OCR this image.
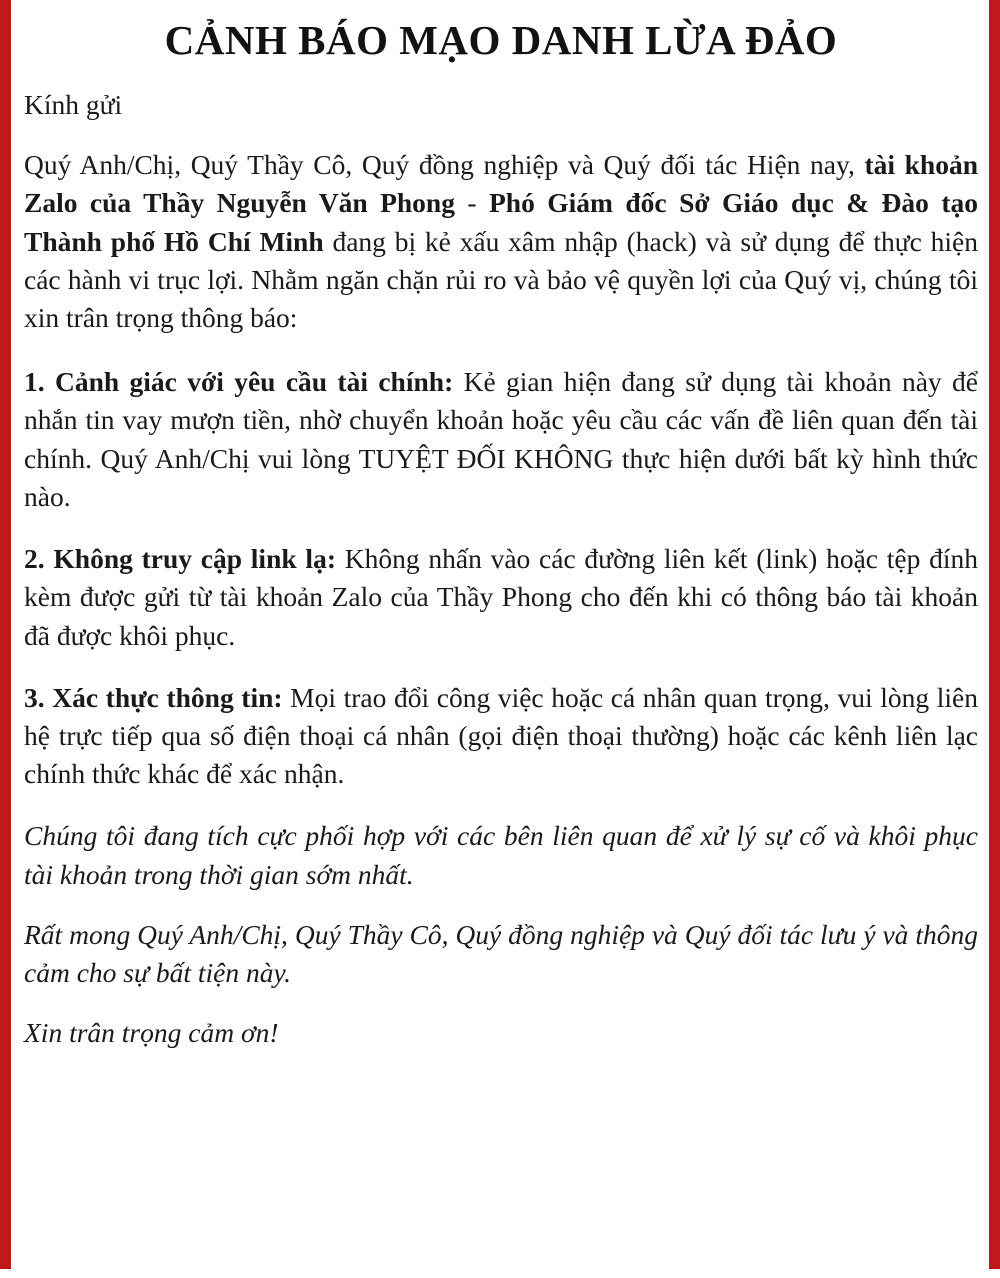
CẢNH BÁO MẠO DANH LỪA ĐẢO

Kính gửi

Quý Anh/Chị, Quý Thầy Cô, Quý đồng nghiệp và Quý đối tác Hiện nay, tài khoản Zalo của Thầy Nguyễn Văn Phong - Phó Giám đốc Sở Giáo dục & Đào tạo Thành phố Hồ Chí Minh đang bị kẻ xấu xâm nhập (hack) và sử dụng để thực hiện các hành vi trục lợi. Nhằm ngăn chặn rủi ro và bảo vệ quyền lợi của Quý vị, chúng tôi xin trân trọng thông báo:

1. Cảnh giác với yêu cầu tài chính: Kẻ gian hiện đang sử dụng tài khoản này để nhắn tin vay mượn tiền, nhờ chuyển khoản hoặc yêu cầu các vấn đề liên quan đến tài chính. Quý Anh/Chị vui lòng TUYỆT ĐỐI KHÔNG thực hiện dưới bất kỳ hình thức nào.

2. Không truy cập link lạ: Không nhấn vào các đường liên kết (link) hoặc tệp đính kèm được gửi từ tài khoản Zalo của Thầy Phong cho đến khi có thông báo tài khoản đã được khôi phục.

3. Xác thực thông tin: Mọi trao đổi công việc hoặc cá nhân quan trọng, vui lòng liên hệ trực tiếp qua số điện thoại cá nhân (gọi điện thoại thường) hoặc các kênh liên lạc chính thức khác để xác nhận.

Chúng tôi đang tích cực phối hợp với các bên liên quan để xử lý sự cố và khôi phục tài khoản trong thời gian sớm nhất.

Rất mong Quý Anh/Chị, Quý Thầy Cô, Quý đồng nghiệp và Quý đối tác lưu ý và thông cảm cho sự bất tiện này.

Xin trân trọng cảm ơn!
